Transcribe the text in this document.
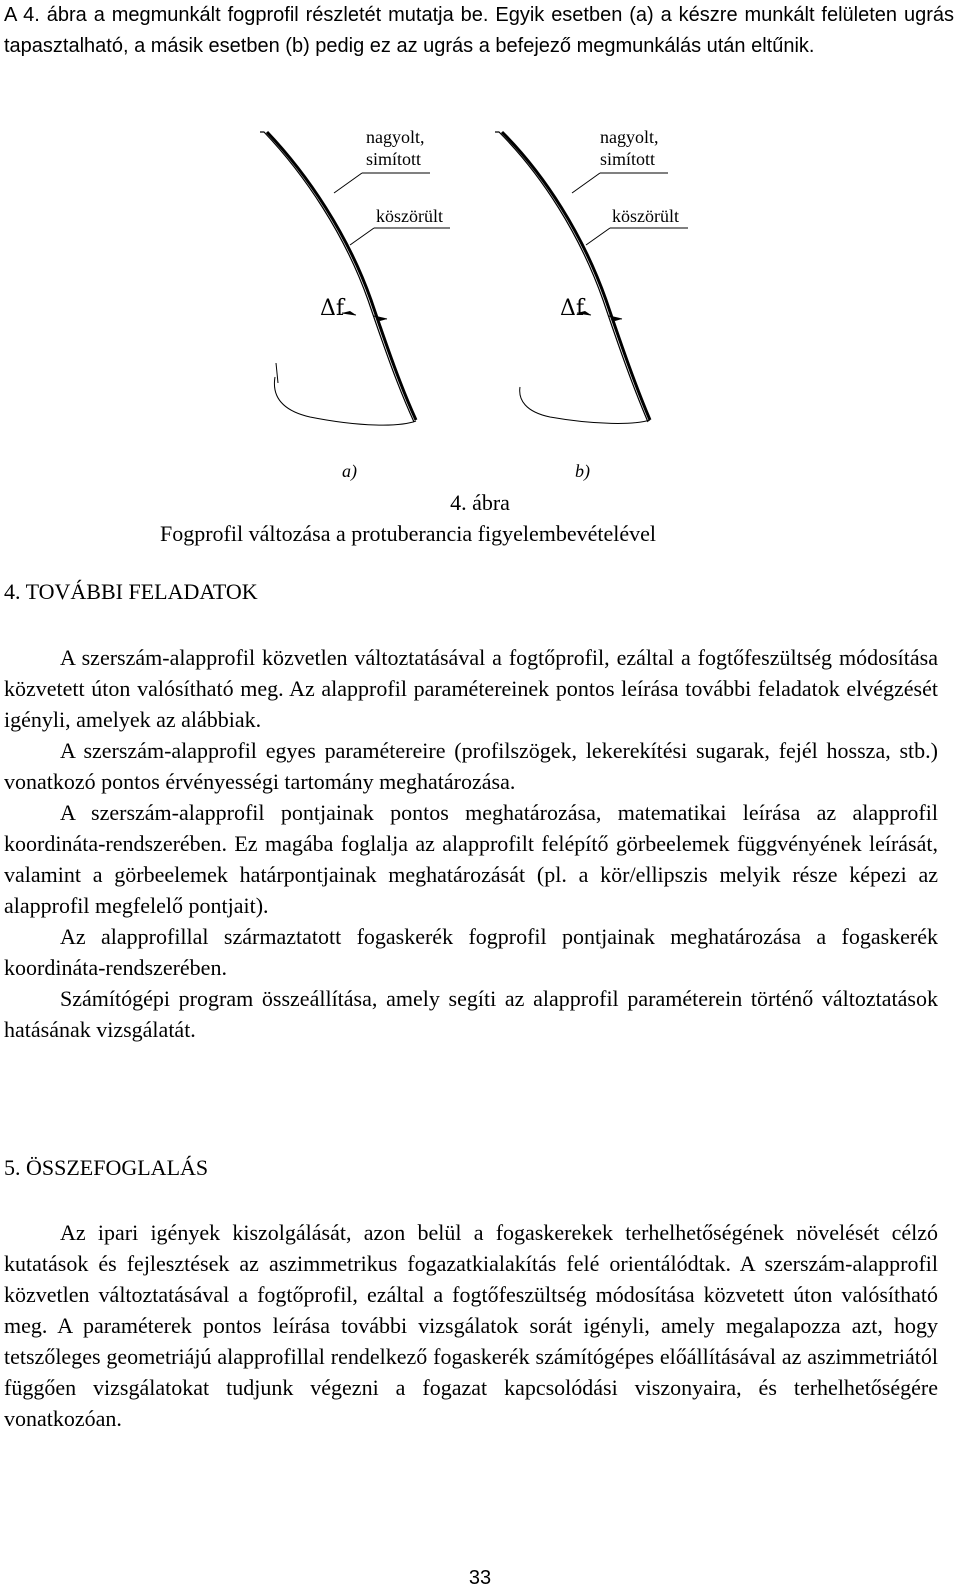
A 4. ábra a megmunkált fogprofil részletét mutatja be. Egyik esetben (a) a készre munkált felületen ugrás tapasztalható, a másik esetben (b) pedig ez az ugrás a befejező megmunkálás után eltűnik.

nagyolt,
simított
köszörült
Δf
a)
nagyolt,
simított
köszörült
Δf
b)
4. ábra
Fogprofil változása a protuberancia figyelembevételével
4. TOVÁBBI FELADATOK

A szerszám-alapprofil közvetlen változtatásával a fogtőprofil, ezáltal a fogtőfeszültség módosítása közvetett úton valósítható meg. Az alapprofil paramétereinek pontos leírása további feladatok elvégzését igényli, amelyek az alábbiak.

A szerszám-alapprofil egyes paramétereire (profilszögek, lekerekítési sugarak, fejél hossza, stb.) vonatkozó pontos érvényességi tartomány meghatározása.

A szerszám-alapprofil pontjainak pontos meghatározása, matematikai leírása az alapprofil koordináta-rendszerében. Ez magába foglalja az alapprofilt felépítő görbeelemek függvényének leírását, valamint a görbeelemek határpontjainak meghatározását (pl. a kör/ellipszis melyik része képezi az alapprofil megfelelő pontjait).

Az alapprofillal származtatott fogaskerék fogprofil pontjainak meghatározása a fogaskerék koordináta-rendszerében.

Számítógépi program összeállítása, amely segíti az alapprofil paraméterein történő változtatások hatásának vizsgálatát.

5. ÖSSZEFOGLALÁS

Az ipari igények kiszolgálását, azon belül a fogaskerekek terhelhetőségének növelését célzó kutatások és fejlesztések az aszimmetrikus fogazatkialakítás felé orientálódtak. A szerszám-alapprofil közvetlen változtatásával a fogtőprofil, ezáltal a fogtőfeszültség módosítása közvetett úton valósítható meg. A paraméterek pontos leírása további vizsgálatok sorát igényli, amely megalapozza azt, hogy tetszőleges geometriájú alapprofillal rendelkező fogaskerék számítógépes előállításával az aszimmetriától függően vizsgálatokat tudjunk végezni a fogazat kapcsolódási viszonyaira, és terhelhetőségére vonatkozóan.

33
